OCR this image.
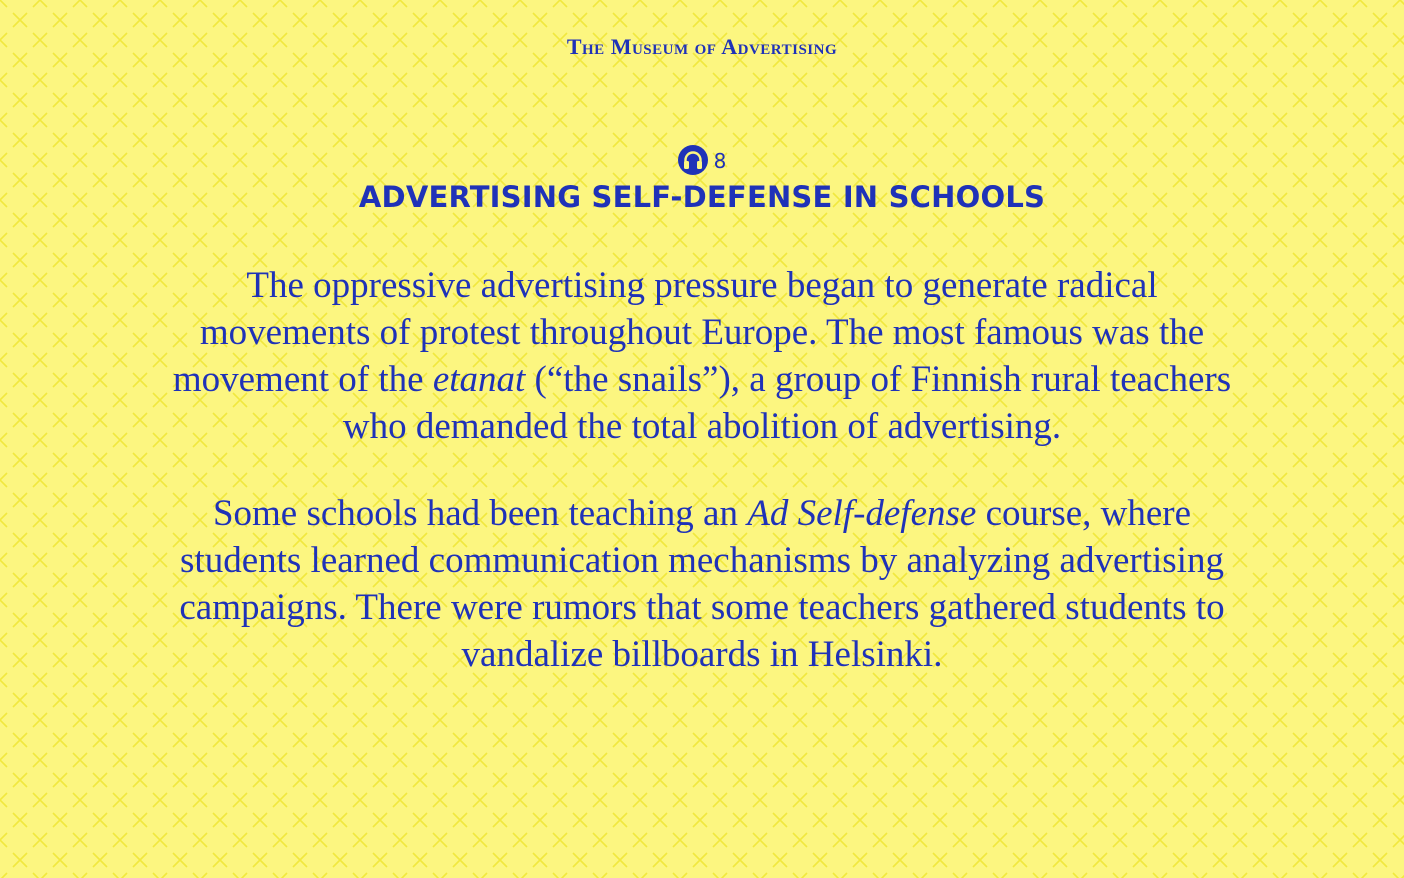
The Museum of Advertising
8
ADVERTISING SELF-DEFENSE IN SCHOOLS

The oppressive advertising pressure began to generate radical movements of protest throughout Europe. The most famous was the movement of the etanat (“the snails”), a group of Finnish rural teachers who demanded the total abolition of advertising.

Some schools had been teaching an Ad Self-defense course, where students learned communication mechanisms by analyzing advertising campaigns. There were rumors that some teachers gathered students to vandalize billboards in Helsinki.
